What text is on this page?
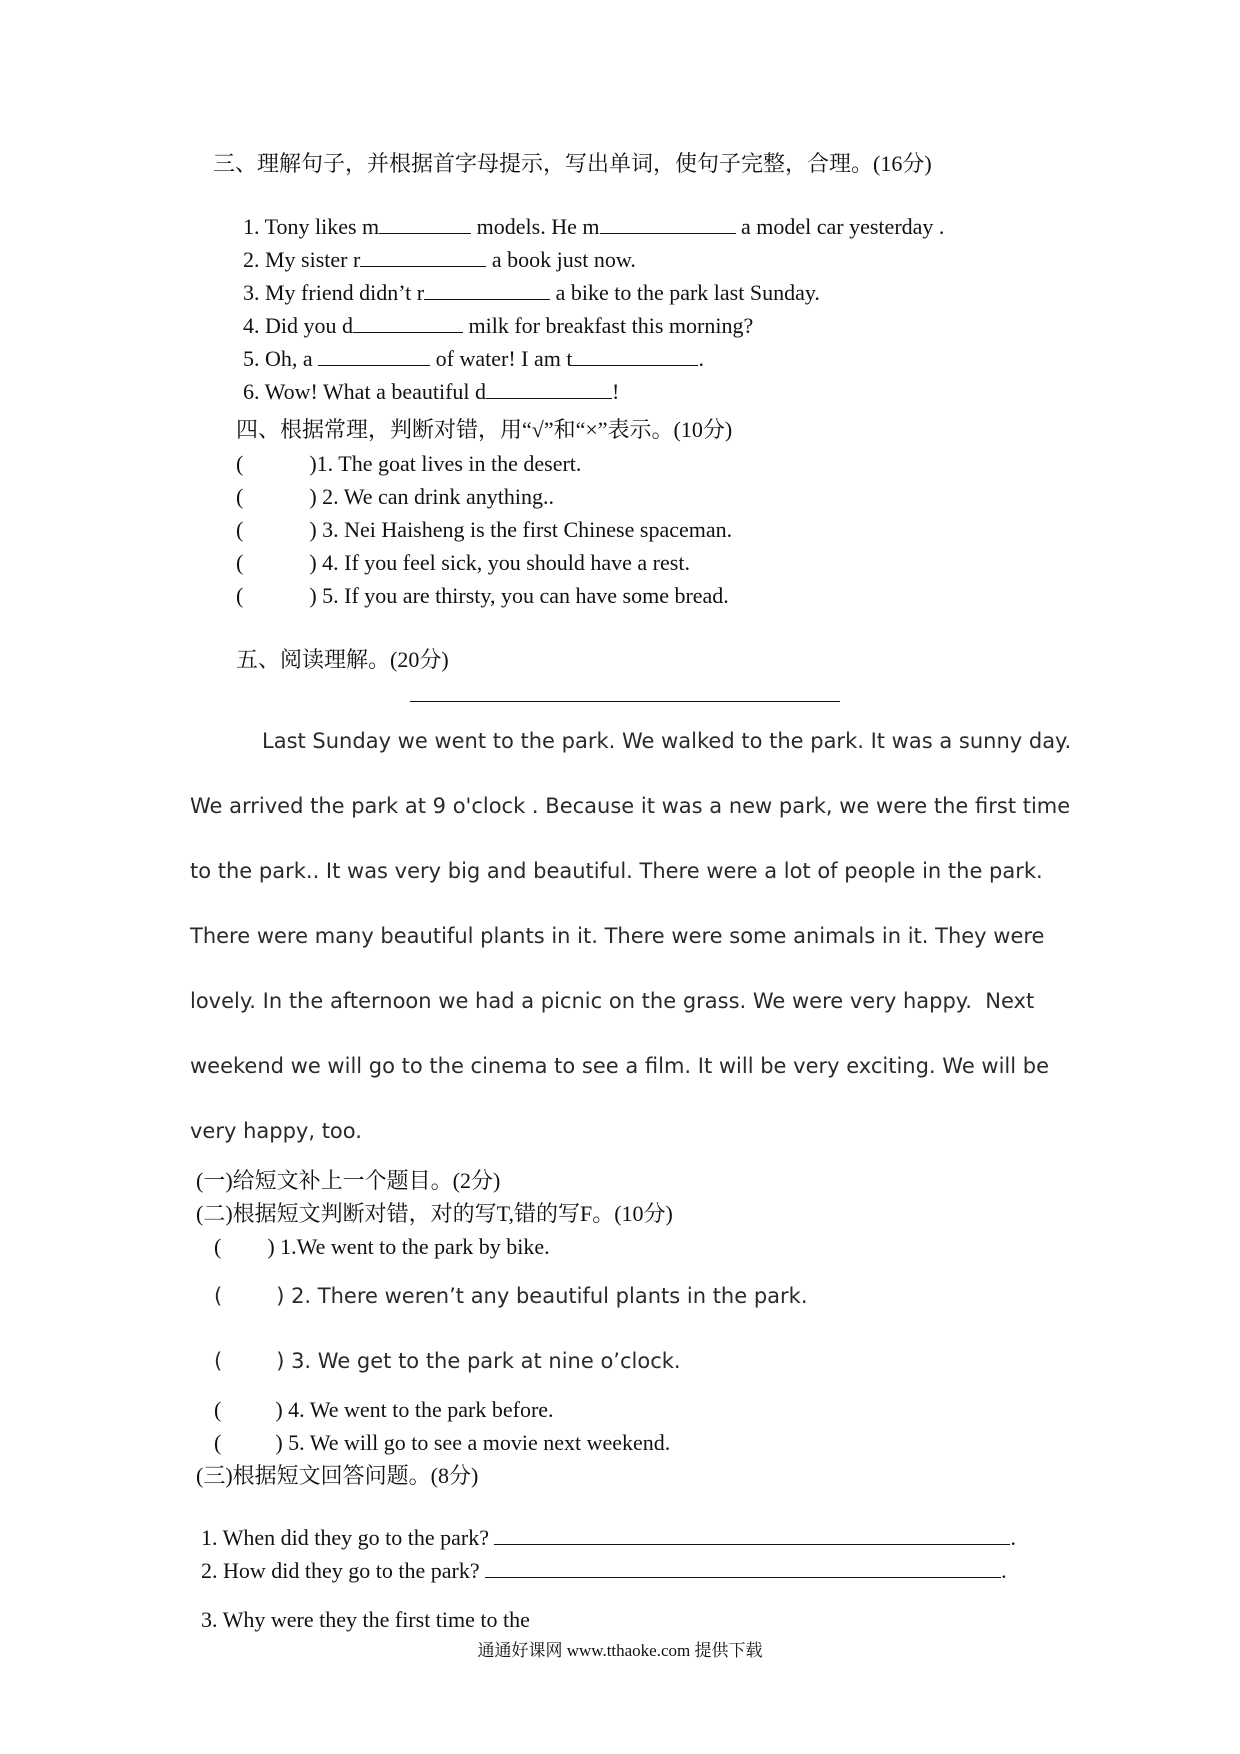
三、理解句子，并根据首字母提示，写出单词，使句子完整，合理。(16分)

1. Tony likes m	models. He m	a model car yesterday .

2. My sister r	a book just now.

3. My friend didn’t r	a bike to the park last Sunday.

4. Did you d	milk for breakfast this morning?

5. Oh, a	of water! I am t	.

6. Wow! What a beautiful d	!

四、根据常理，判断对错，用“√”和“×”表示。(10分)
(	)1. The goat lives in the desert.
(	) 2. We can drink anything..
(	) 3. Nei Haisheng is the first Chinese spaceman.
(	) 4. If you feel sick, you should have a rest.
(	) 5. If you are thirsty, you can have some bread.
五、阅读理解。(20分)
Last Sunday we went to the park. We walked to the park. It was a sunny day.
We arrived the park at 9 o'clock . Because it was a new park, we were the first time
to the park.. It was very big and beautiful. There were a lot of people in the park.
There were many beautiful plants in it. There were some animals in it. They were
lovely. In the afternoon we had a picnic on the grass. We were very happy.  Next
weekend we will go to the cinema to see a film. It will be very exciting. We will be
very happy, too.
(一)给短文补上一个题目。(2分)
(二)根据短文判断对错，对的写T,错的写F。(10分)
( ) 1.We went to the park by bike.
(	) 2. There weren’t any beautiful plants in the park.
(	) 3. We get to the park at nine o’clock.
( ) 4. We went to the park before.
( ) 5. We will go to see a movie next weekend.
(三)根据短文回答问题。(8分)

1. When did they go to the park?	.

2. How did they go to the park?	.

3. Why were they the first time to the

通通好课网 www.tthaoke.com 提供下载
